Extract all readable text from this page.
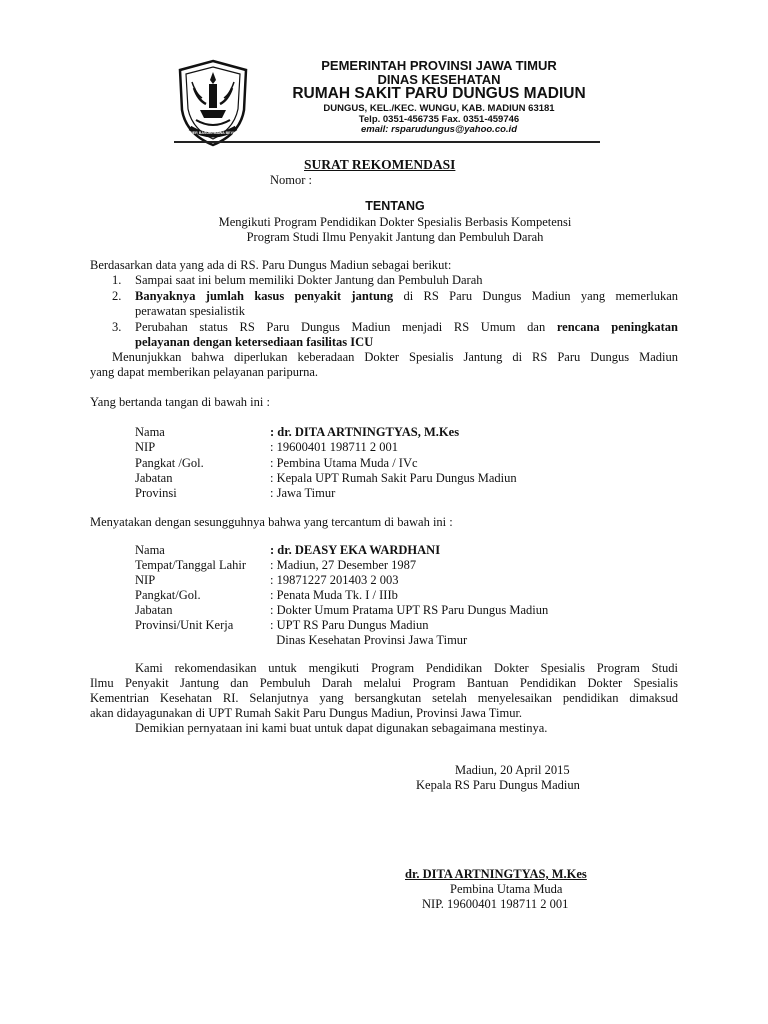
JER BASUKI MAWA BEYA
PEMERINTAH PROVINSI JAWA TIMUR
DINAS KESEHATAN
RUMAH SAKIT PARU DUNGUS MADIUN
DUNGUS, KEL./KEC. WUNGU, KAB. MADIUN 63181
Telp. 0351-456735 Fax. 0351-459746
email: rsparudungus@yahoo.co.id
SURAT REKOMENDASI
Nomor :
TENTANG
Mengikuti Program Pendidikan Dokter Spesialis Berbasis Kompetensi
Program Studi Ilmu Penyakit Jantung dan Pembuluh Darah
Berdasarkan data yang ada di RS. Paru Dungus Madiun sebagai berikut:
1. Sampai saat ini belum memiliki Dokter Jantung dan Pembuluh Darah
2. Banyaknya jumlah kasus penyakit jantung di RS Paru Dungus Madiun yang memerlukan
perawatan spesialistik
3. Perubahan status RS Paru Dungus Madiun menjadi RS Umum dan rencana peningkatan
pelayanan dengan ketersediaan fasilitas ICU
Menunjukkan bahwa diperlukan keberadaan Dokter Spesialis Jantung di RS Paru Dungus Madiun
yang dapat memberikan pelayanan paripurna.
Yang bertanda tangan di bawah ini :
Nama	: dr. DITA ARTNINGTYAS, M.Kes
NIP	: 19600401 198711 2 001
Pangkat /Gol.	: Pembina Utama Muda / IVc
Jabatan	: Kepala UPT Rumah Sakit Paru Dungus Madiun
Provinsi	: Jawa Timur
Menyatakan dengan sesungguhnya bahwa yang tercantum di bawah ini :
Nama	: dr. DEASY EKA WARDHANI
Tempat/Tanggal Lahir : Madiun, 27 Desember 1987
NIP	: 19871227 201403 2 003
Pangkat/Gol.	: Penata Muda Tk. I / IIIb
Jabatan	: Dokter Umum Pratama UPT RS Paru Dungus Madiun
Provinsi/Unit Kerja	: UPT RS Paru Dungus Madiun
Dinas Kesehatan Provinsi Jawa Timur
Kami rekomendasikan untuk mengikuti Program Pendidikan Dokter Spesialis Program Studi
Ilmu Penyakit Jantung dan Pembuluh Darah melalui Program Bantuan Pendidikan Dokter Spesialis
Kementrian Kesehatan RI. Selanjutnya yang bersangkutan setelah menyelesaikan pendidikan dimaksud
akan didayagunakan di UPT Rumah Sakit Paru Dungus Madiun, Provinsi Jawa Timur.
Demikian pernyataan ini kami buat untuk dapat digunakan sebagaimana mestinya.
Madiun, 20 April 2015
Kepala RS Paru Dungus Madiun
dr. DITA ARTNINGTYAS, M.Kes
Pembina Utama Muda
NIP. 19600401 198711 2 001
